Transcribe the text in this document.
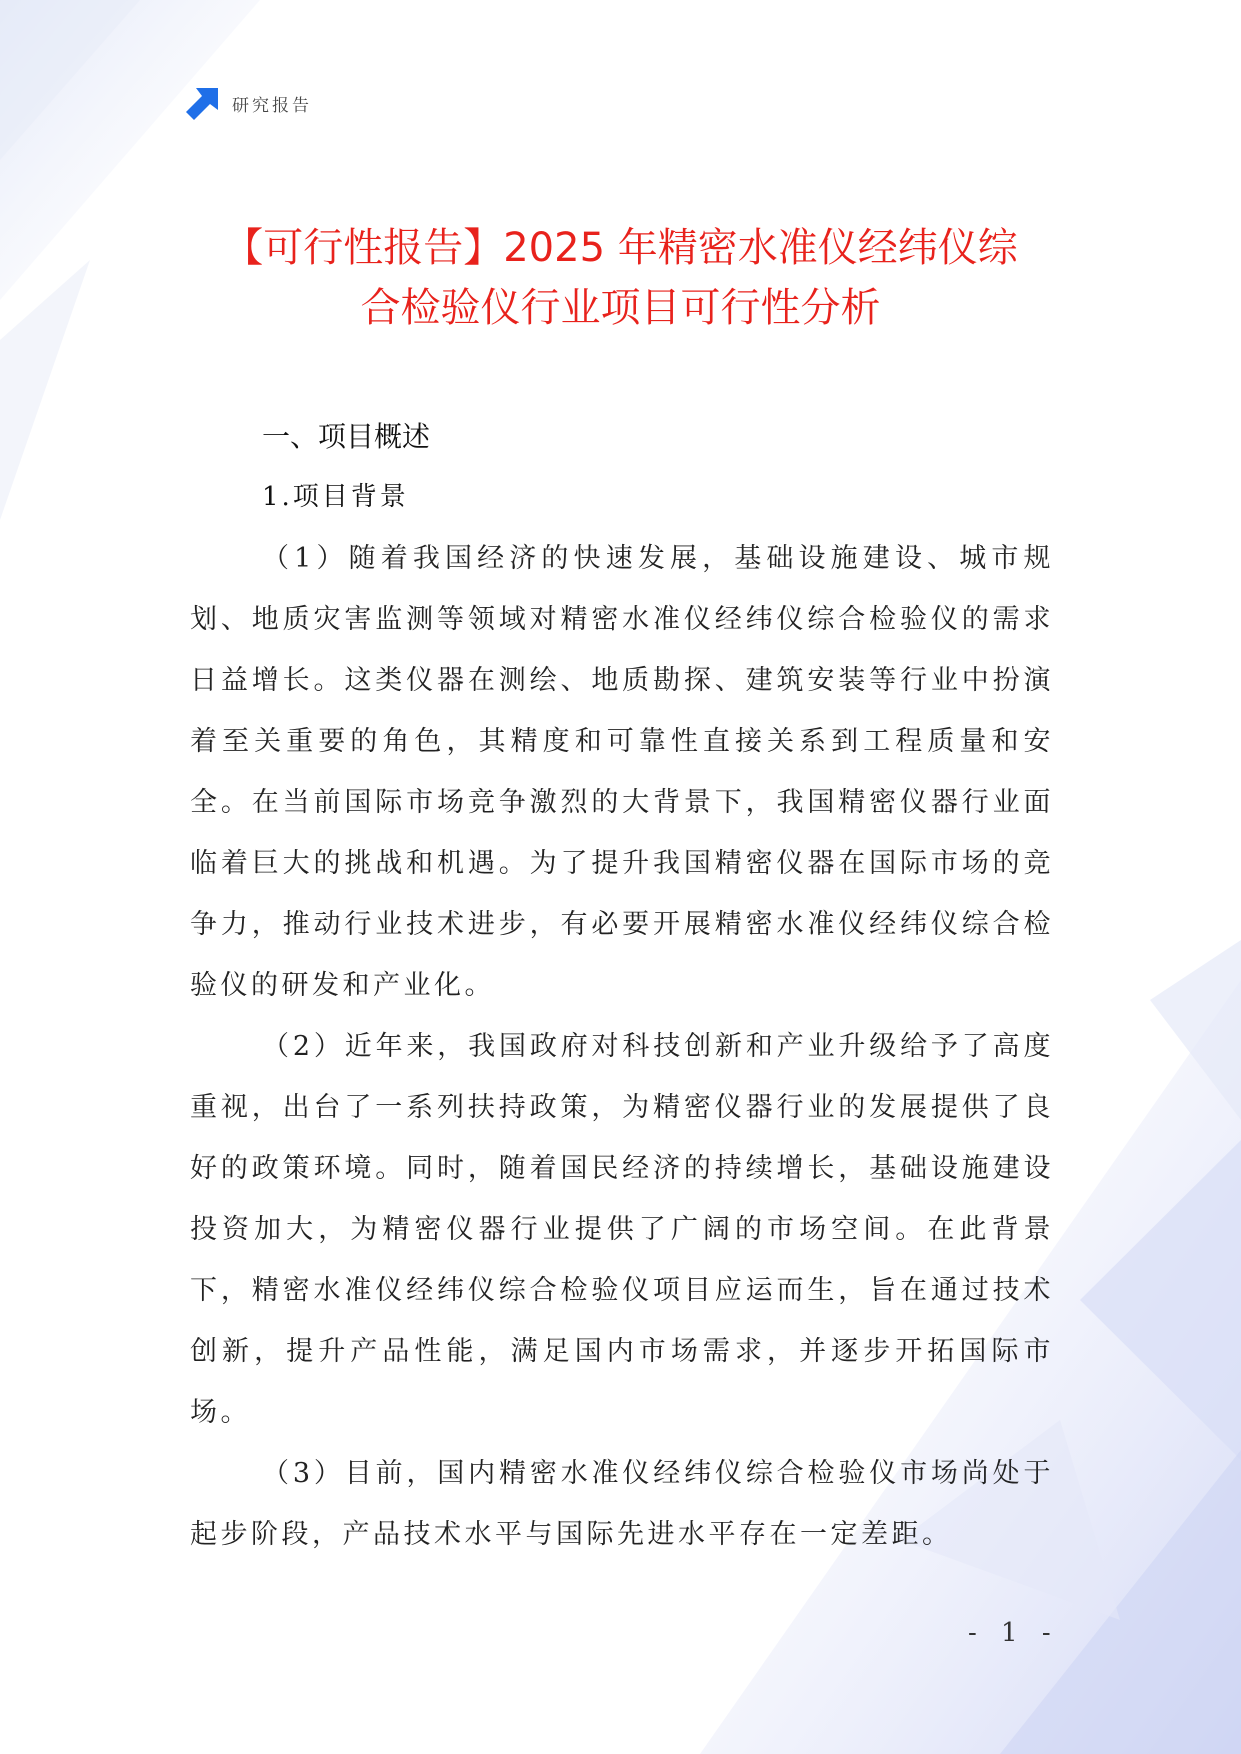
研究报告
【可行性报告】2025 年精密水准仪经纬仪综
合检验仪行业项目可行性分析
一、项目概述
1.项目背景

（1）随着我国经济的快速发展，基础设施建设、城市规划、地质灾害监测等领域对精密水准仪经纬仪综合检验仪的需求日益增长。这类仪器在测绘、地质勘探、建筑安装等行业中扮演着至关重要的角色，其精度和可靠性直接关系到工程质量和安全。在当前国际市场竞争激烈的大背景下，我国精密仪器行业面临着巨大的挑战和机遇。为了提升我国精密仪器在国际市场的竞争力，推动行业技术进步，有必要开展精密水准仪经纬仪综合检验仪的研发和产业化。

（2）近年来，我国政府对科技创新和产业升级给予了高度重视，出台了一系列扶持政策，为精密仪器行业的发展提供了良好的政策环境。同时，随着国民经济的持续增长，基础设施建设投资加大，为精密仪器行业提供了广阔的市场空间。在此背景下，精密水准仪经纬仪综合检验仪项目应运而生，旨在通过技术创新，提升产品性能，满足国内市场需求，并逐步开拓国际市场。

（3）目前，国内精密水准仪经纬仪综合检验仪市场尚处于起步阶段，产品技术水平与国际先进水平存在一定差距。

- 1 -
